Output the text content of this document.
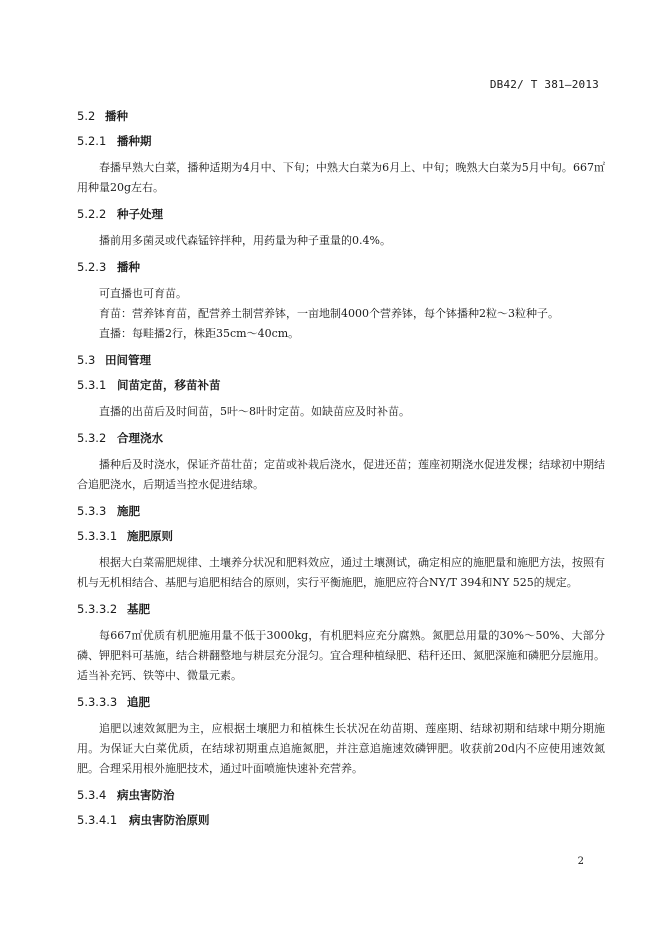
DB42/ T 381—2013
5.2 播种
5.2.1 播种期

春播早熟大白菜，播种适期为4月中、下旬；中熟大白菜为6月上、中旬；晚熟大白菜为5月中旬。667㎡用种量20g左右。

5.2.2 种子处理

播前用多菌灵或代森锰锌拌种，用药量为种子重量的0.4%。

5.2.3 播种

可直播也可育苗。

育苗：营养钵育苗，配营养土制营养钵，一亩地制4000个营养钵，每个钵播种2粒～3粒种子。

直播：每畦播2行，株距35cm～40cm。

5.3 田间管理
5.3.1 间苗定苗，移苗补苗

直播的出苗后及时间苗，5叶～8叶时定苗。如缺苗应及时补苗。

5.3.2 合理浇水

播种后及时浇水，保证齐苗壮苗；定苗或补栽后浇水，促进还苗；莲座初期浇水促进发棵；结球初中期结合追肥浇水，后期适当控水促进结球。

5.3.3 施肥
5.3.3.1 施肥原则

根据大白菜需肥规律、土壤养分状况和肥料效应，通过土壤测试，确定相应的施肥量和施肥方法，按照有机与无机相结合、基肥与追肥相结合的原则，实行平衡施肥，施肥应符合NY/T 394和NY 525的规定。

5.3.3.2 基肥

每667㎡优质有机肥施用量不低于3000kg，有机肥料应充分腐熟。氮肥总用量的30%～50%、大部分磷、钾肥料可基施，结合耕翻整地与耕层充分混匀。宜合理种植绿肥、秸秆还田、氮肥深施和磷肥分层施用。适当补充钙、铁等中、微量元素。

5.3.3.3 追肥

追肥以速效氮肥为主，应根据土壤肥力和植株生长状况在幼苗期、莲座期、结球初期和结球中期分期施用。为保证大白菜优质，在结球初期重点追施氮肥，并注意追施速效磷钾肥。收获前20d内不应使用速效氮肥。合理采用根外施肥技术，通过叶面喷施快速补充营养。

5.3.4 病虫害防治
5.3.4.1 病虫害防治原则
2
